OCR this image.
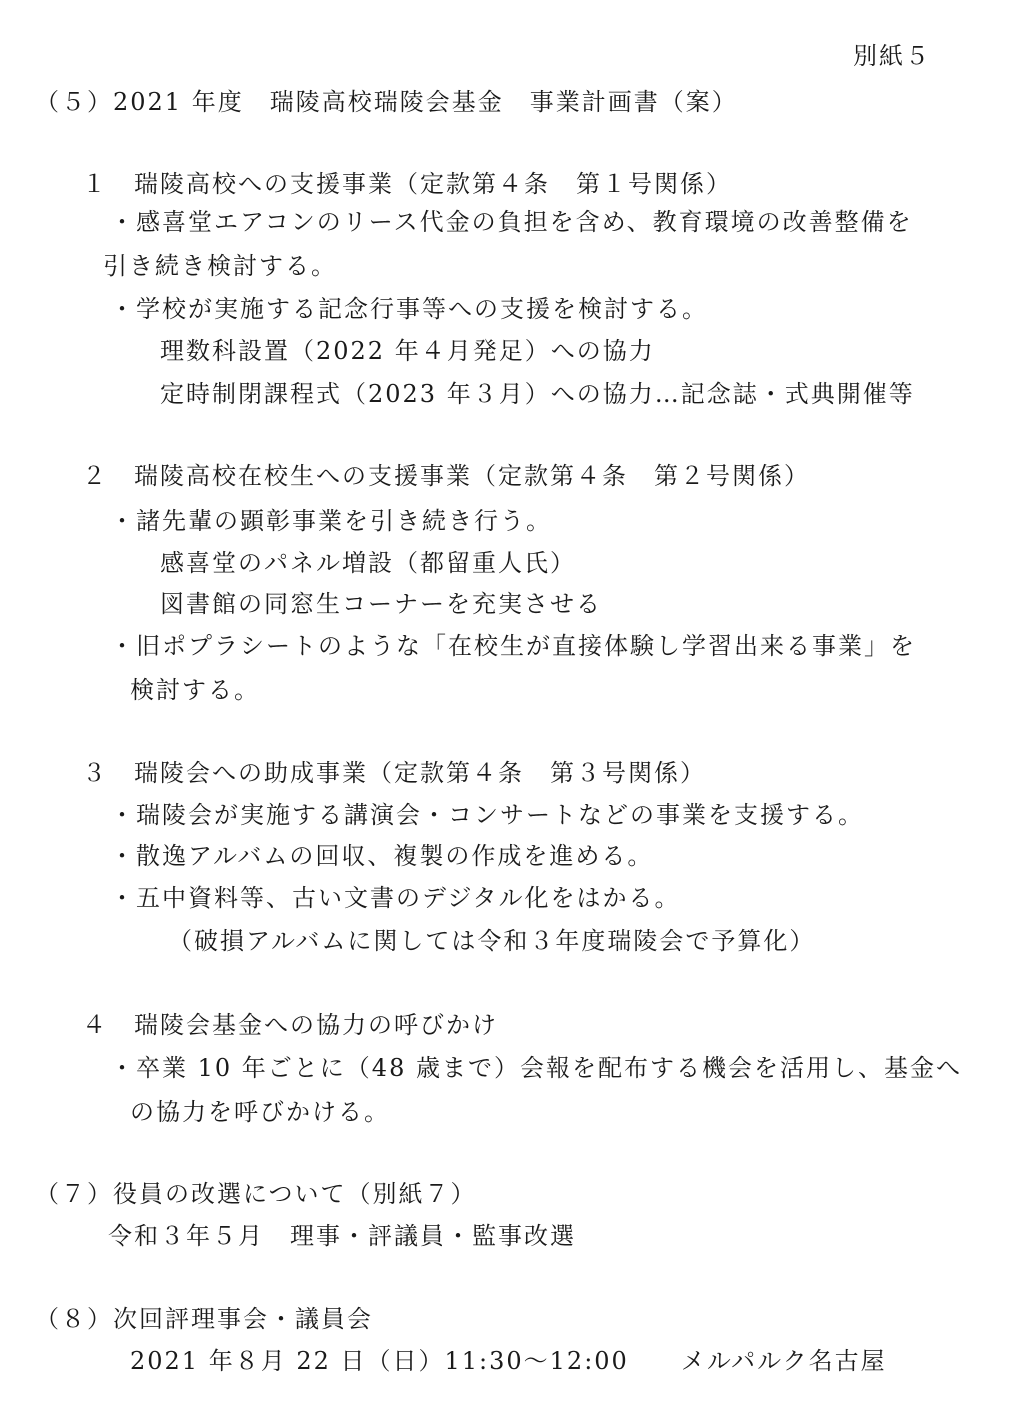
別紙５
（５）2021 年度　瑞陵高校瑞陵会基金　事業計画書（案）
１　瑞陵高校への支援事業（定款第４条　第１号関係）
・感喜堂エアコンのリース代金の負担を含め、教育環境の改善整備を
引き続き検討する。
・学校が実施する記念行事等への支援を検討する。
理数科設置（2022 年４月発足）への協力
定時制閉課程式（2023 年３月）への協力…記念誌・式典開催等
２　瑞陵高校在校生への支援事業（定款第４条　第２号関係）
・諸先輩の顕彰事業を引き続き行う。
感喜堂のパネル増設（都留重人氏）
図書館の同窓生コーナーを充実させる
・旧ポプラシートのような「在校生が直接体験し学習出来る事業」を
検討する。
３　瑞陵会への助成事業（定款第４条　第３号関係）
・瑞陵会が実施する講演会・コンサートなどの事業を支援する。
・散逸アルバムの回収、複製の作成を進める。
・五中資料等、古い文書のデジタル化をはかる。
（破損アルバムに関しては令和３年度瑞陵会で予算化）
４　瑞陵会基金への協力の呼びかけ
・卒業 10 年ごとに（48 歳まで）会報を配布する機会を活用し、基金へ
の協力を呼びかける。
（７）役員の改選について（別紙７）
令和３年５月　理事・評議員・監事改選
（８）次回評理事会・議員会
2021 年８月 22 日（日）11:30～12:00　　メルパルク名古屋
